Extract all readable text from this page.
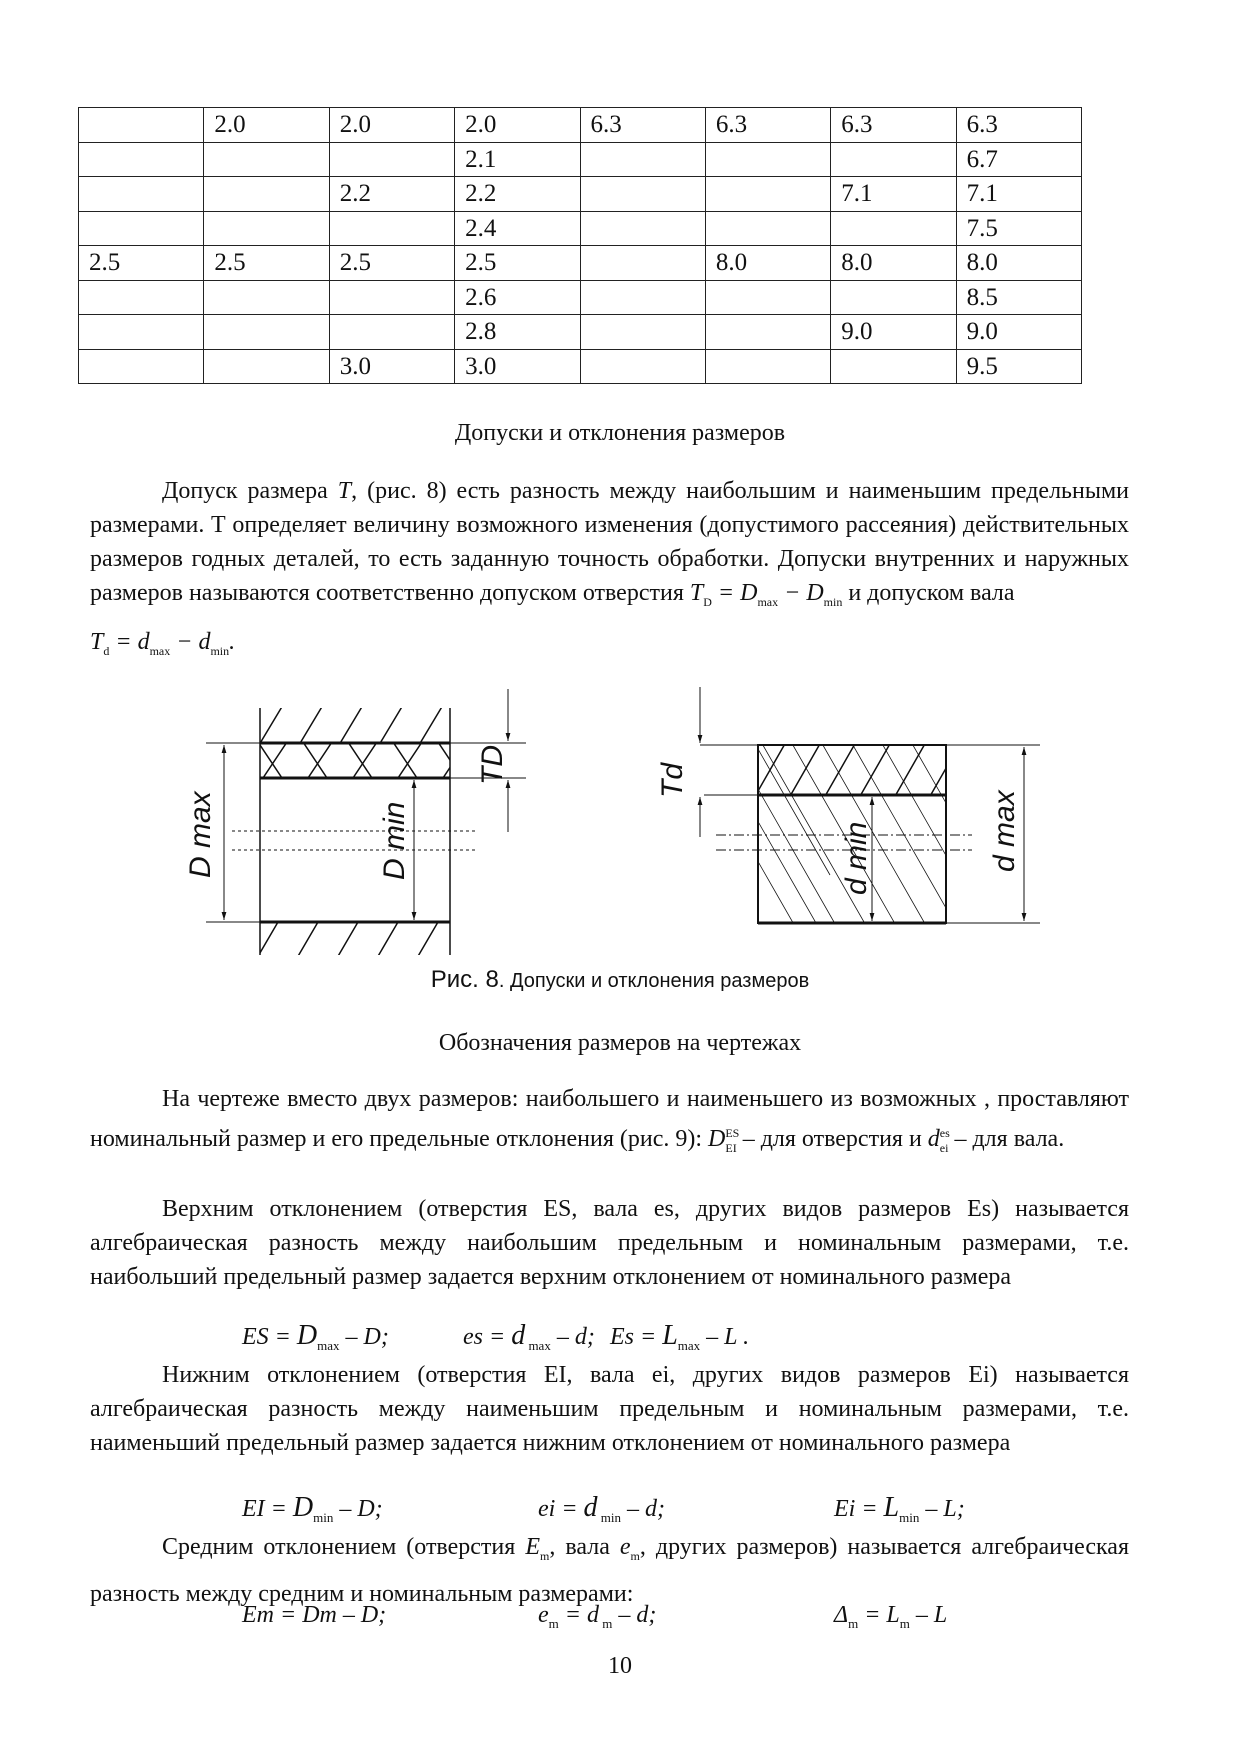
	2.0	2.0	2.0	6.3	6.3	6.3	6.3
			2.1				6.7
		2.2	2.2			7.1	7.1
			2.4				7.5
2.5	2.5	2.5	2.5		8.0	8.0	8.0
			2.6				8.5
			2.8			9.0	9.0
		3.0	3.0				9.5
Допуски и отклонения размеров
Допуск размера T, (рис. 8) есть разность между наибольшим и наименьшим предельными размерами. Т определяет величину возможного изменения (допустимого рассеяния) действительных размеров годных деталей, то есть заданную точность обработки. Допуски внутренних и наружных размеров называются соответственно допуском отверстия $T_D = D_{max} - D_{min}$ и допуском вала
$T_d = d_{max} - d_{min}$.
D max	D min
TD	Td
d min	d max
Рис. 8. Допуски и отклонения размеров
Обозначения размеров на чертежах
На чертеже вместо двух размеров: наибольшего и наименьшего из возможных , проставляют номинальный размер и его предельные отклонения (рис. 9): $D^{ES}_{EI}$ – для отверстия и $d^{es}_{ei}$ – для вала.
Верхним отклонением (отверстия ES, вала es, других видов размеров Es) называется алгебраическая разность между наибольшим предельным и номинальным размерами, т.е. наибольший предельный размер задается верхним отклонением от номинального размера
ES = $D_{max}$ – D;	es = d $_{max}$ – d; $Es = L_{max} - L$ .
Нижним отклонением (отверстия EI, вала ei, других видов размеров Ei) называется алгебраическая разность между наименьшим предельным и номинальным размерами, т.е. наименьший предельный размер задается нижним отклонением от номинального размера
EI = $D_{min}$ – D;	ei = d $_{min}$ – d;	$Ei = L_{min} - L$;
Средним отклонением (отверстия $E_m$, вала $e_m$, других размеров) называется алгебраическая разность между средним и номинальным размерами:
Em = Dm – D;	$e_m = d$ $_m$ – d;	$\Delta_m = L_m - L$
10
